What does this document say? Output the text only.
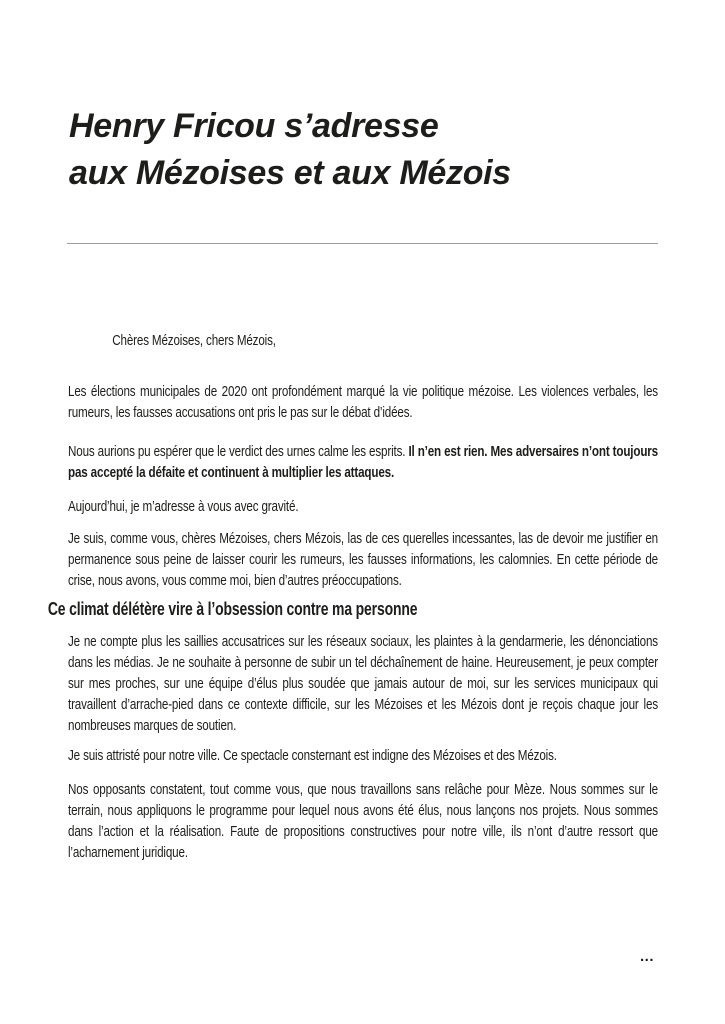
Henry Fricou s’adresse
aux Mézoises et aux Mézois

Chères Mézoises, chers Mézois,

Les élections municipales de 2020 ont profondément marqué la vie politique mézoise. Les violences verbales, les rumeurs, les fausses accusations ont pris le pas sur le débat d’idées.

Nous aurions pu espérer que le verdict des urnes calme les esprits. Il n’en est rien. Mes adversaires n’ont toujours pas accepté la défaite et continuent à multiplier les attaques.

Aujourd’hui, je m’adresse à vous avec gravité.

Je suis, comme vous, chères Mézoises, chers Mézois, las de ces querelles incessantes, las de devoir me justifier en permanence sous peine de laisser courir les rumeurs, les fausses informations, les calomnies. En cette période de crise, nous avons, vous comme moi, bien d’autres préoccupations.

Ce climat délétère vire à l’obsession contre ma personne

Je ne compte plus les saillies accusatrices sur les réseaux sociaux, les plaintes à la gendarmerie, les dénonciations dans les médias. Je ne souhaite à personne de subir un tel déchaînement de haine. Heureusement, je peux compter sur mes proches, sur une équipe d’élus plus soudée que jamais autour de moi, sur les services municipaux qui travaillent d’arrache-pied dans ce contexte difficile, sur les Mézoises et les Mézois dont je reçois chaque jour les nombreuses marques de soutien.

Je suis attristé pour notre ville. Ce spectacle consternant est indigne des Mézoises et des Mézois.

Nos opposants constatent, tout comme vous, que nous travaillons sans relâche pour Mèze. Nous sommes sur le terrain, nous appliquons le programme pour lequel nous avons été élus, nous lançons nos projets. Nous sommes dans l’action et la réalisation. Faute de propositions constructives pour notre ville, ils n’ont d’autre ressort que l’acharnement juridique.

...
